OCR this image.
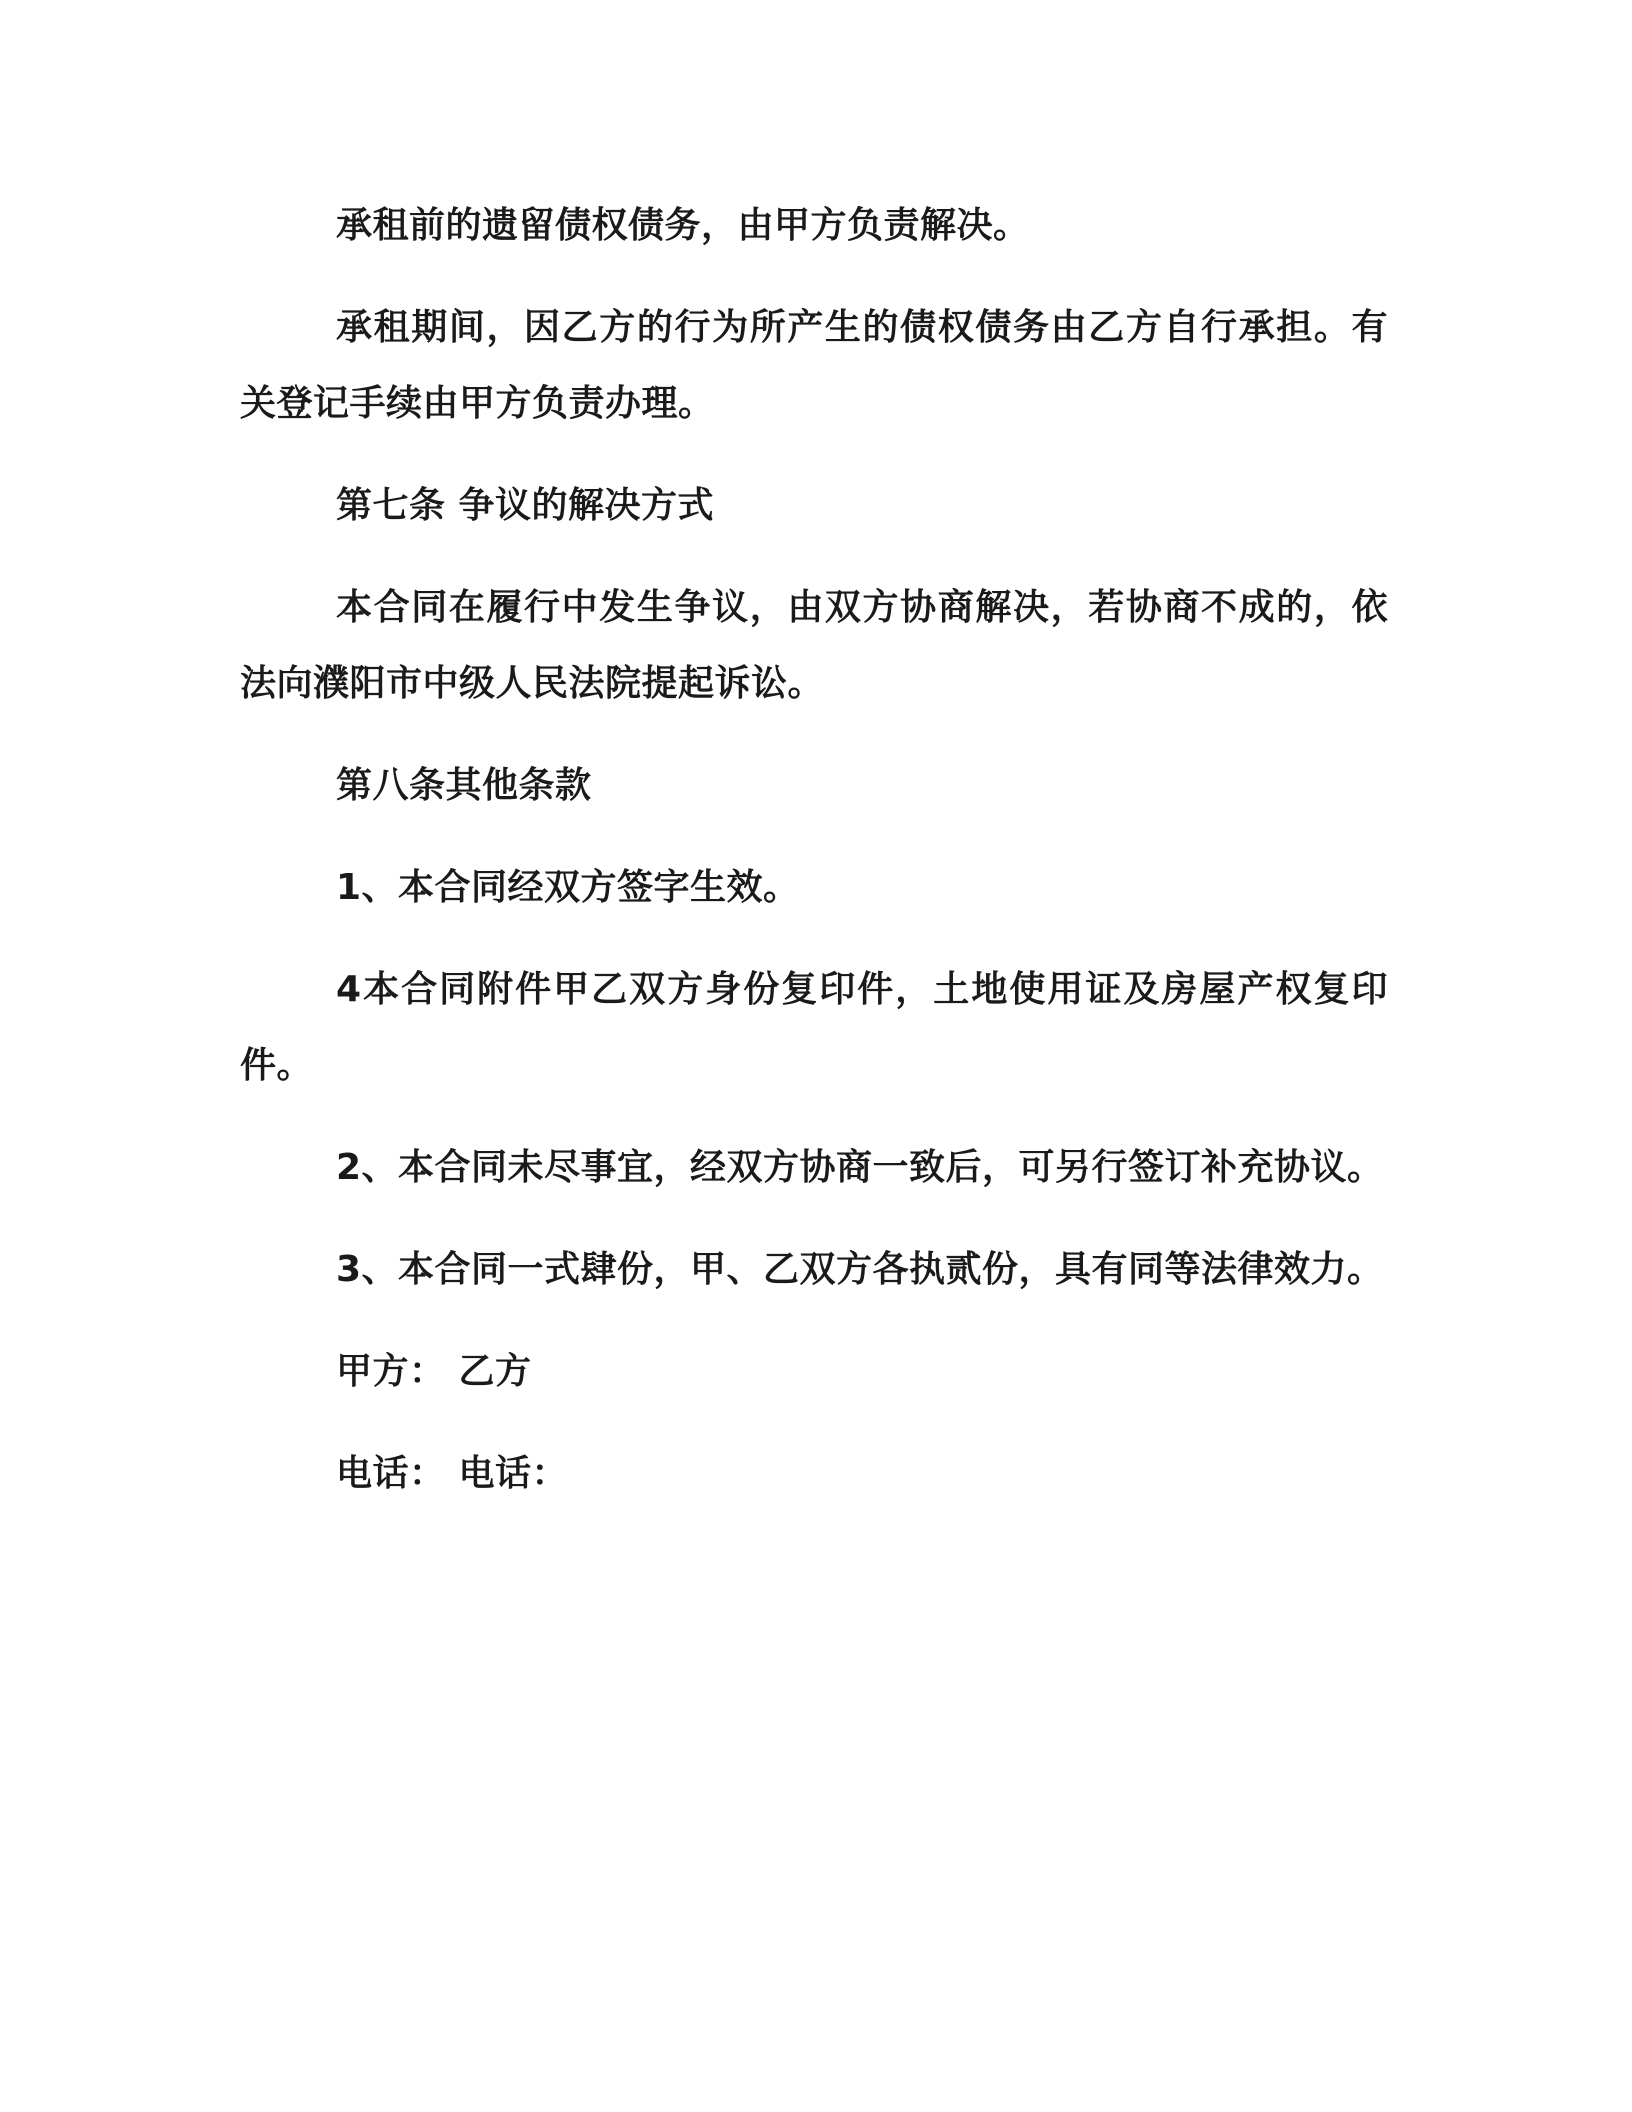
承租前的遗留债权债务，由甲方负责解决。

承租期间，因乙方的行为所产生的债权债务由乙方自行承担。有关登记手续由甲方负责办理。

第七条 争议的解决方式

本合同在履行中发生争议，由双方协商解决，若协商不成的，依法向濮阳市中级人民法院提起诉讼。

第八条其他条款

1、本合同经双方签字生效。

4本合同附件甲乙双方身份复印件，土地使用证及房屋产权复印件。

2、本合同未尽事宜，经双方协商一致后，可另行签订补充协议。

3、本合同一式肆份，甲、乙双方各执贰份，具有同等法律效力。

甲方： 乙方

电话： 电话：
